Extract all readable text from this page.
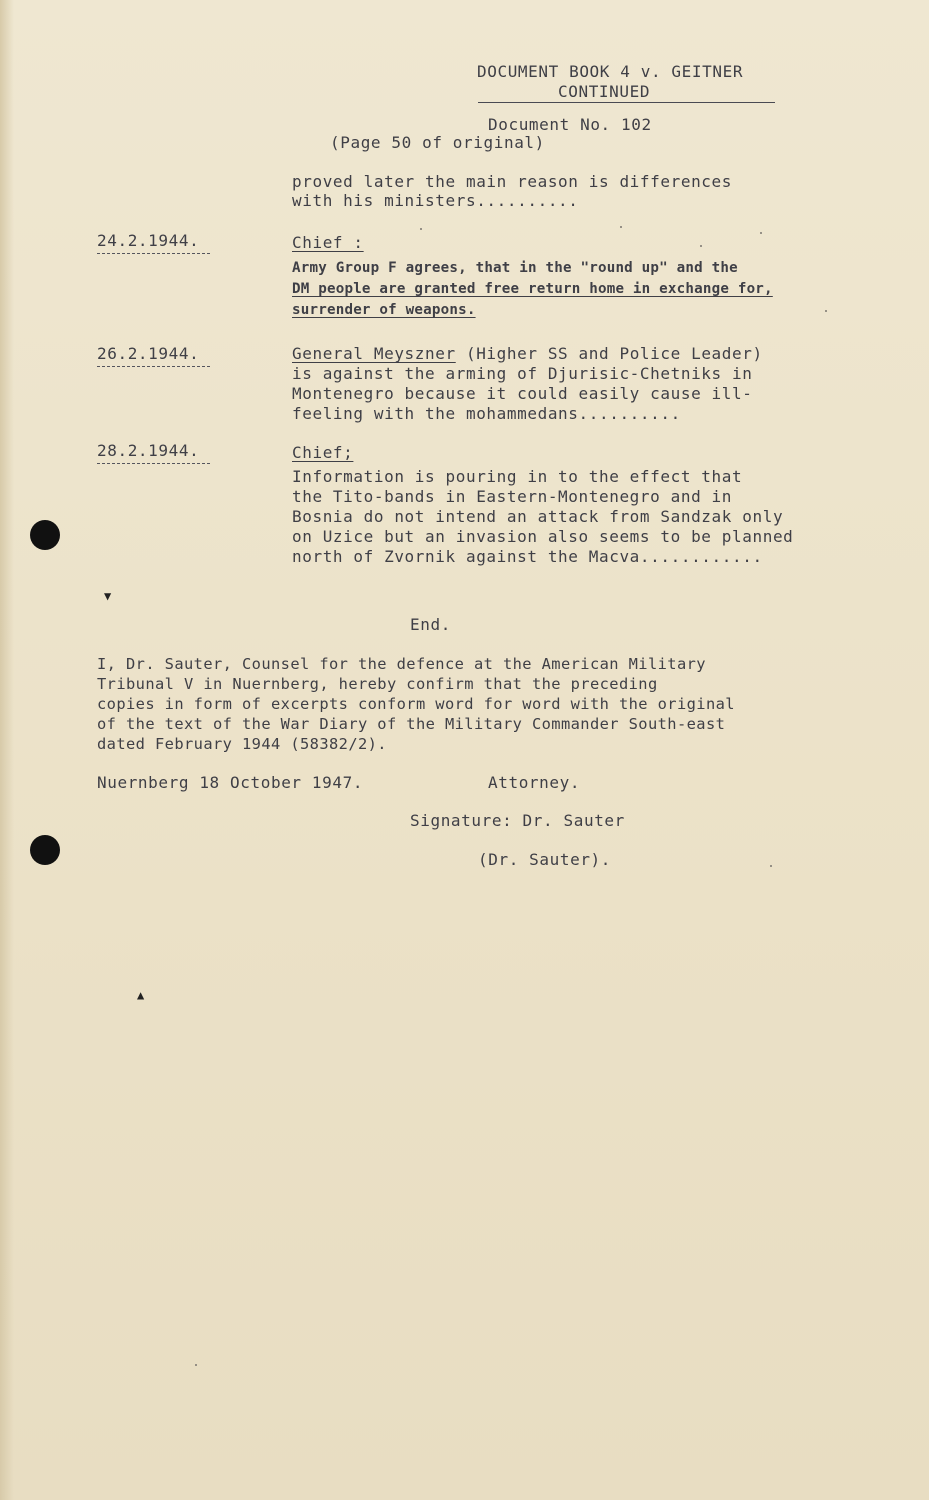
▼
▲
DOCUMENT BOOK 4 v. GEITNER
CONTINUED
Document No. 102
(Page 50 of original)
proved later the main reason is differences
with his ministers..........
24.2.1944.	Chief :
Army Group F agrees, that in the "round up" and the
DM people are granted free return home in exchange for,
surrender of weapons.
26.2.1944.	General Meyszner (Higher SS and Police Leader)
is against the arming of Djurisic-Chetniks in
Montenegro because it could easily cause ill-
feeling with the mohammedans..........
28.2.1944.	Chief;
Information is pouring in to the effect that
the Tito-bands in Eastern-Montenegro and in
Bosnia do not intend an attack from Sandzak only
on Uzice but an invasion also seems to be planned
north of Zvornik against the Macva............
End.
I, Dr. Sauter, Counsel for the defence at the American Military
Tribunal V in Nuernberg, hereby confirm that the preceding
copies in form of excerpts conform word for word with the original
of the text of the War Diary of the Military Commander South-east
dated February 1944 (58382/2).
Nuernberg 18 October 1947.	Attorney.
Signature: Dr. Sauter
(Dr. Sauter).
